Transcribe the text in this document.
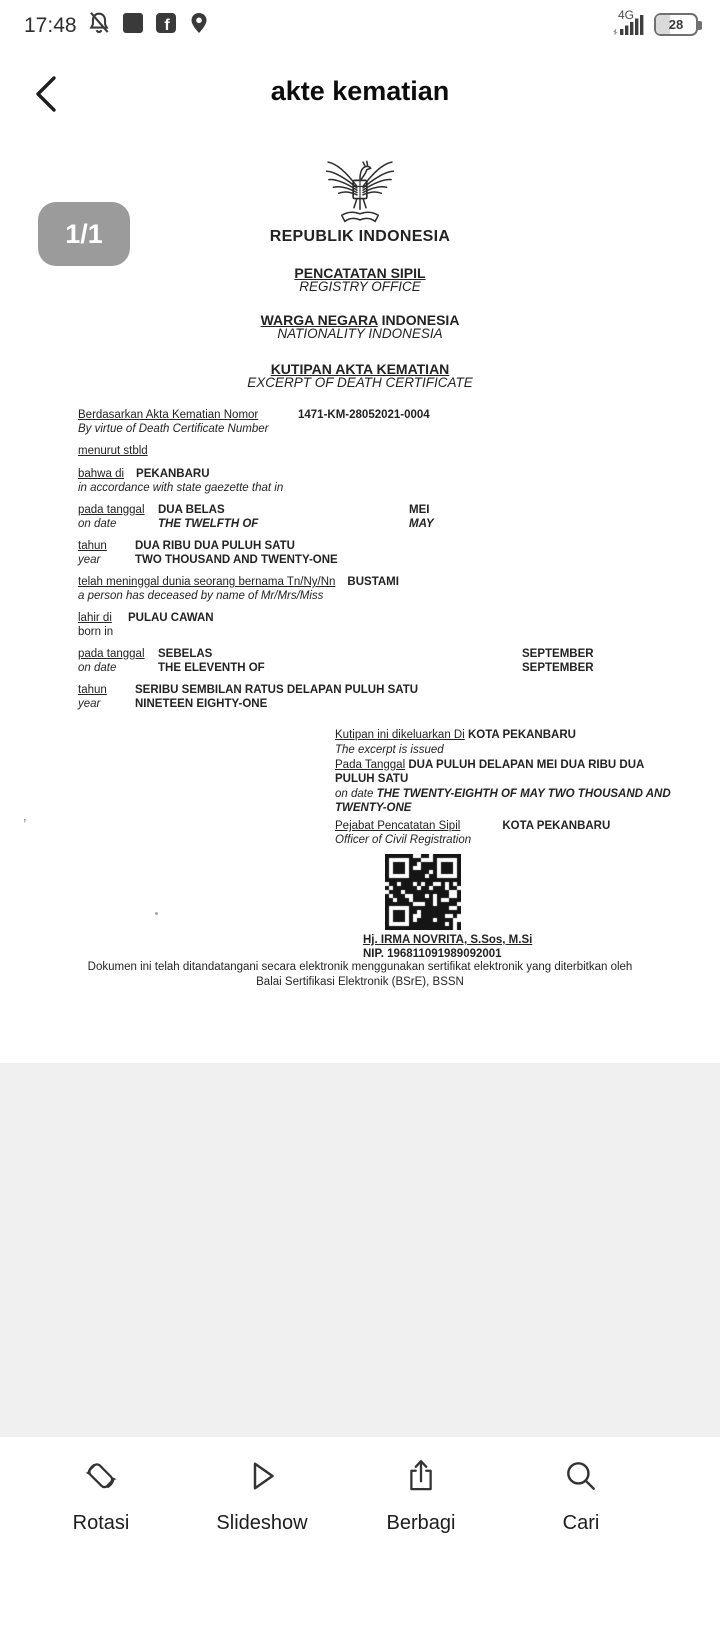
17:48	f
4G
28
akte kematian
1/1	REPUBLIK INDONESIA
PENCATATAN SIPIL
REGISTRY OFFICE
WARGA NEGARA INDONESIA
NATIONALITY INDONESIA
KUTIPAN AKTA KEMATIAN
EXCERPT OF DEATH CERTIFICATE
Berdasarkan Akta Kematian Nomor	1471-KM-28052021-0004
By virtue of Death Certificate Number
menurut stbld
bahwa di PEKANBARU
in accordance with state gaezette that in
pada tanggal	DUA BELAS	MEI
on date	THE TWELFTH OF	MAY
tahun	DUA RIBU DUA PULUH SATU
year	TWO THOUSAND AND TWENTY-ONE
telah meninggal dunia seorang bernama Tn/Ny/Nn BUSTAMI
a person has deceased by name of Mr/Mrs/Miss
lahir di	PULAU CAWAN
born in
pada tanggal	SEBELAS	SEPTEMBER
on date	THE ELEVENTH OF	SEPTEMBER
tahun	SERIBU SEMBILAN RATUS DELAPAN PULUH SATU
year	NINETEEN EIGHTY-ONE
Kutipan ini dikeluarkan Di KOTA PEKANBARU
The excerpt is issued
Pada Tanggal DUA PULUH DELAPAN MEI DUA RIBU DUA PULUH SATU
on date THE TWENTY-EIGHTH OF MAY TWO THOUSAND AND TWENTY-ONE
Pejabat Pencatatan Sipil	KOTA PEKANBARU
Officer of Civil Registration
Hj. IRMA NOVRITA, S.Sos, M.Si
NIP. 196811091989092001
Dokumen ini telah ditandatangani secara elektronik menggunakan sertifikat elektronik yang diterbitkan oleh Balai Sertifikasi Elektronik (BSrE), BSSN
’
Rotasi	Slideshow	Berbagi	Cari
